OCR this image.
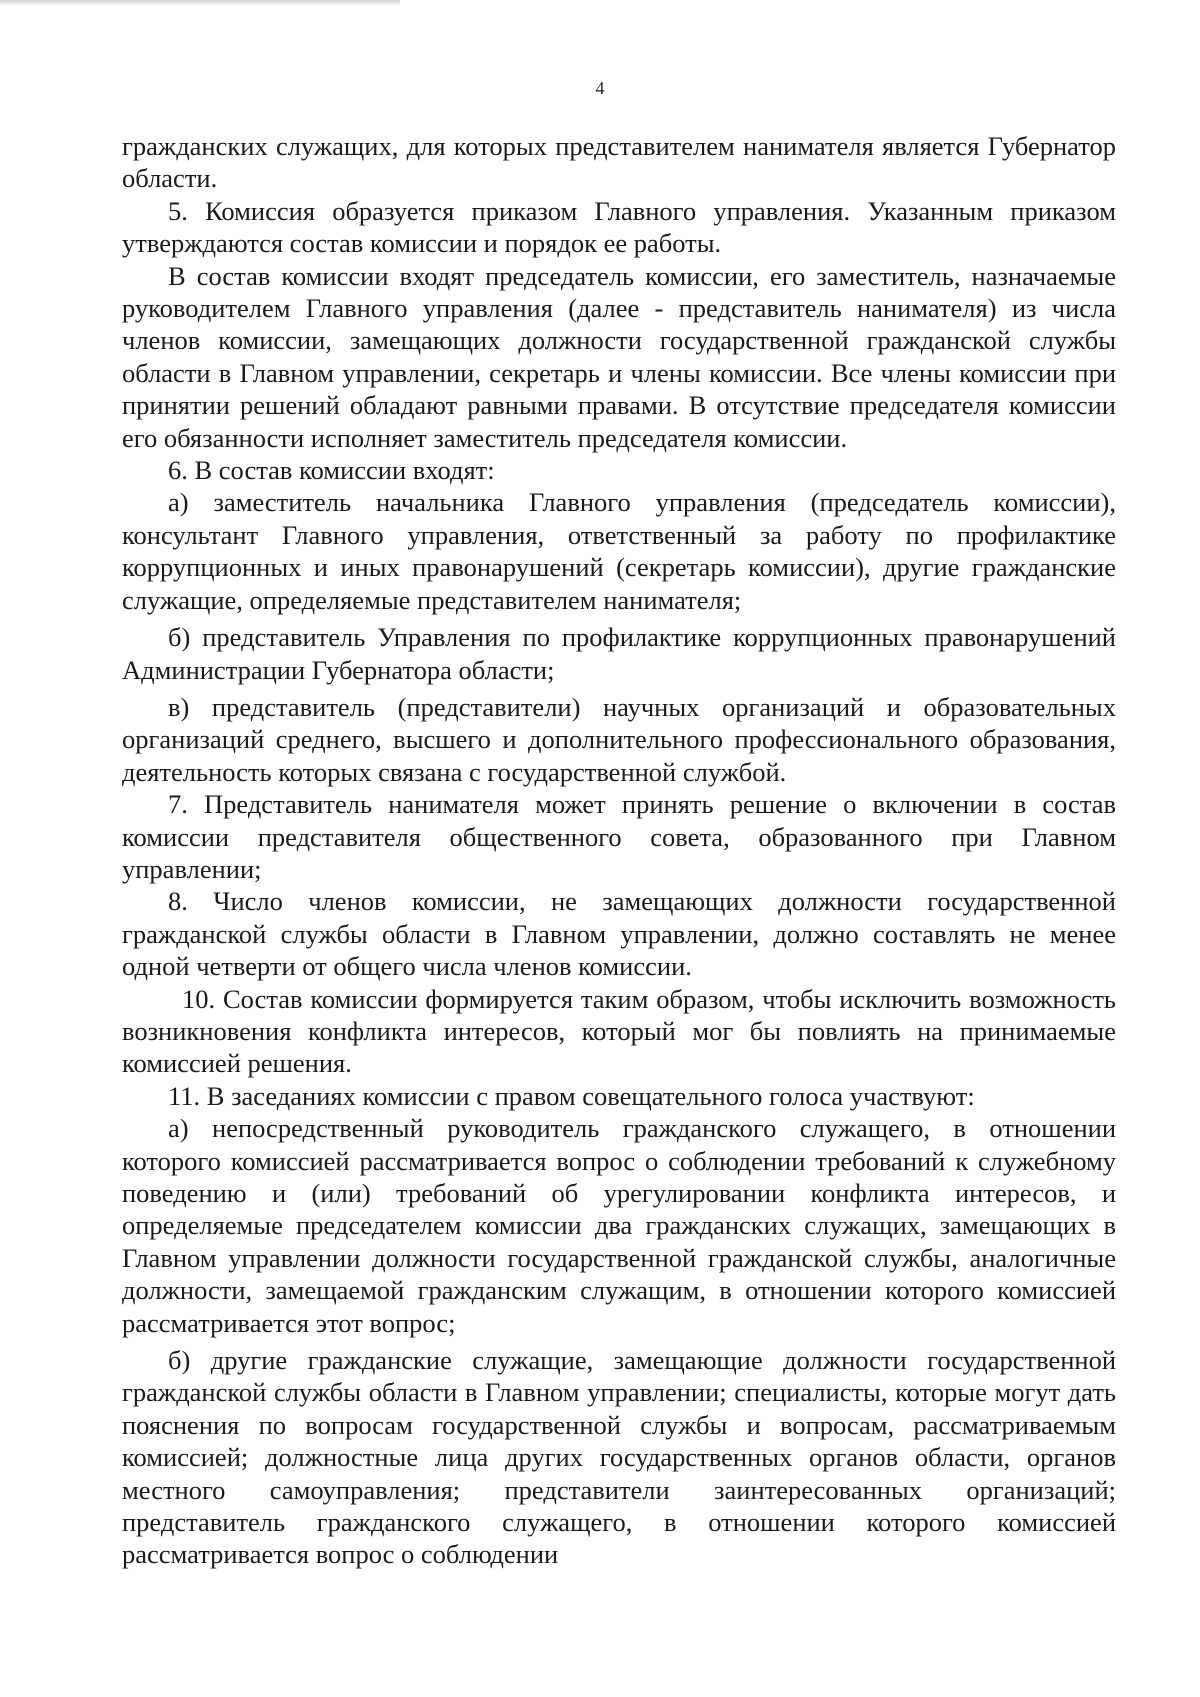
4

гражданских служащих, для которых представителем нанимателя является Губернатор области.

5. Комиссия образуется приказом Главного управления. Указанным приказом утверждаются состав комиссии и порядок ее работы.

В состав комиссии входят председатель комиссии, его заместитель, назначаемые руководителем Главного управления (далее - представитель нанимателя) из числа членов комиссии, замещающих должности государственной гражданской службы области в Главном управлении, секретарь и члены комиссии. Все члены комиссии при принятии решений обладают равными правами. В отсутствие председателя комиссии его обязанности исполняет заместитель председателя комиссии.

6. В состав комиссии входят:

а) заместитель начальника Главного управления (председатель комиссии), консультант Главного управления, ответственный за работу по профилактике коррупционных и иных правонарушений (секретарь комиссии), другие гражданские служащие, определяемые представителем нанимателя;

б) представитель Управления по профилактике коррупционных правонарушений Администрации Губернатора области;

в) представитель (представители) научных организаций и образовательных организаций среднего, высшего и дополнительного профессионального образования, деятельность которых связана с государственной службой.

7. Представитель нанимателя может принять решение о включении в состав комиссии представителя общественного совета, образованного при Главном управлении;

8. Число членов комиссии, не замещающих должности государственной гражданской службы области в Главном управлении, должно составлять не менее одной четверти от общего числа членов комиссии.

10. Состав комиссии формируется таким образом, чтобы исключить возможность возникновения конфликта интересов, который мог бы повлиять на принимаемые комиссией решения.

11. В заседаниях комиссии с правом совещательного голоса участвуют:

а) непосредственный руководитель гражданского служащего, в отношении которого комиссией рассматривается вопрос о соблюдении требований к служебному поведению и (или) требований об урегулировании конфликта интересов, и определяемые председателем комиссии два гражданских служащих, замещающих в Главном управлении должности государственной гражданской службы, аналогичные должности, замещаемой гражданским служащим, в отношении которого комиссией рассматривается этот вопрос;

б) другие гражданские служащие, замещающие должности государственной гражданской службы области в Главном управлении; специалисты, которые могут дать пояснения по вопросам государственной службы и вопросам, рассматриваемым комиссией; должностные лица других государственных органов области, органов местного самоуправления; представители заинтересованных организаций; представитель гражданского служащего, в отношении которого комиссией рассматривается вопрос о соблюдении
